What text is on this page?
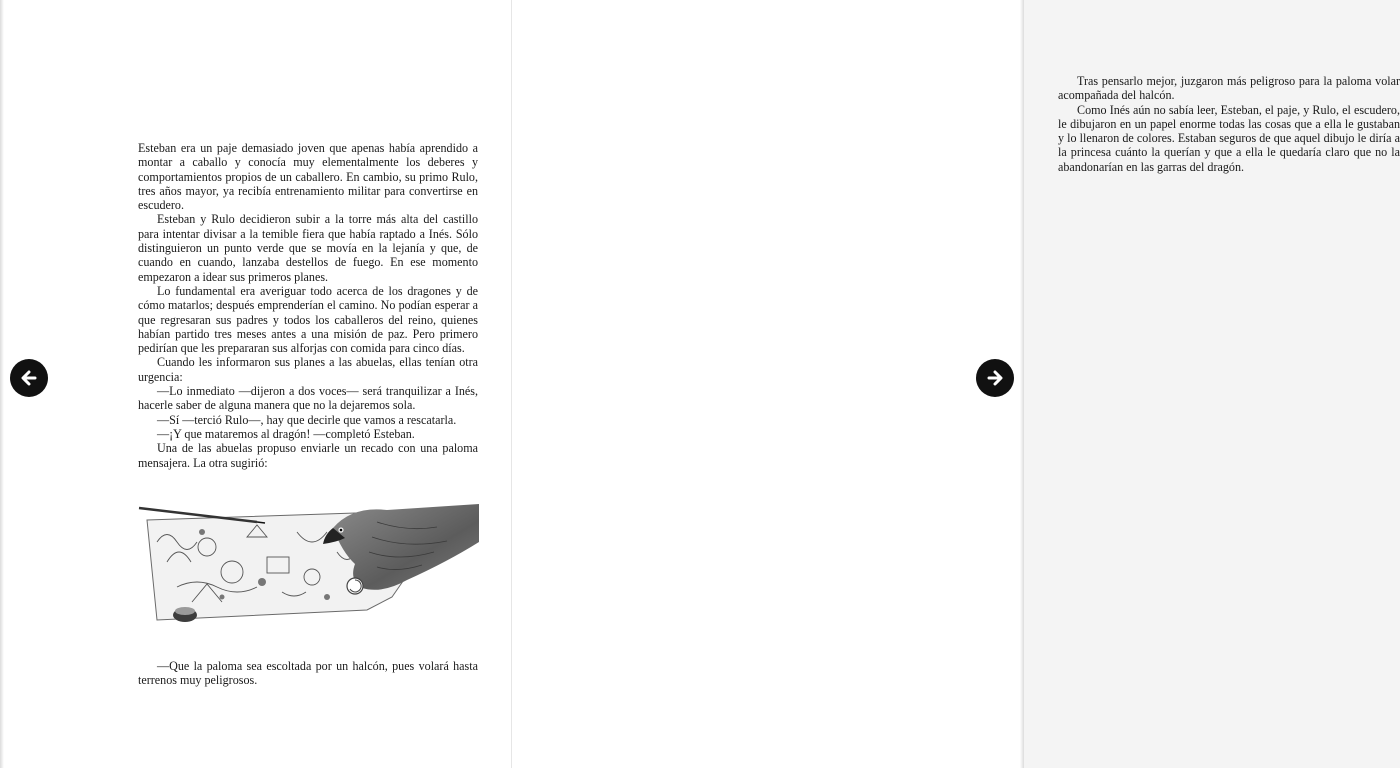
Esteban era un paje demasiado joven que apenas había aprendido a montar a caballo y conocía muy elementalmente los deberes y comportamientos propios de un caballero. En cambio, su primo Rulo, tres años mayor, ya recibía entrenamiento militar para convertirse en escudero.

Esteban y Rulo decidieron subir a la torre más alta del castillo para intentar divisar a la temible fiera que había raptado a Inés. Sólo distinguieron un punto verde que se movía en la lejanía y que, de cuando en cuando, lanzaba destellos de fuego. En ese momento empezaron a idear sus primeros planes.

Lo fundamental era averiguar todo acerca de los dragones y de cómo matarlos; después emprenderían el camino. No podían esperar a que regresaran sus padres y todos los caballeros del reino, quienes habían partido tres meses antes a una misión de paz. Pero primero pedirían que les prepararan sus alforjas con comida para cinco días.

Cuando les informaron sus planes a las abuelas, ellas tenían otra urgencia:

—Lo inmediato —dijeron a dos voces— será tranquilizar a Inés, hacerle saber de alguna manera que no la dejaremos sola.

—Sí —terció Rulo—, hay que decirle que vamos a rescatarla.

—¡Y que mataremos al dragón! —completó Esteban.

Una de las abuelas propuso enviarle un recado con una paloma mensajera. La otra sugirió:

—Que la paloma sea escoltada por un halcón, pues volará hasta terrenos muy peligrosos.

Tras pensarlo mejor, juzgaron más peligroso para la paloma volar acompañada del halcón.

Como Inés aún no sabía leer, Esteban, el paje, y Rulo, el escudero, le dibujaron en un papel enorme todas las cosas que a ella le gustaban y lo llenaron de colores. Estaban seguros de que aquel dibujo le diría a la princesa cuánto la querían y que a ella le quedaría claro que no la abandonarían en las garras del dragón.
